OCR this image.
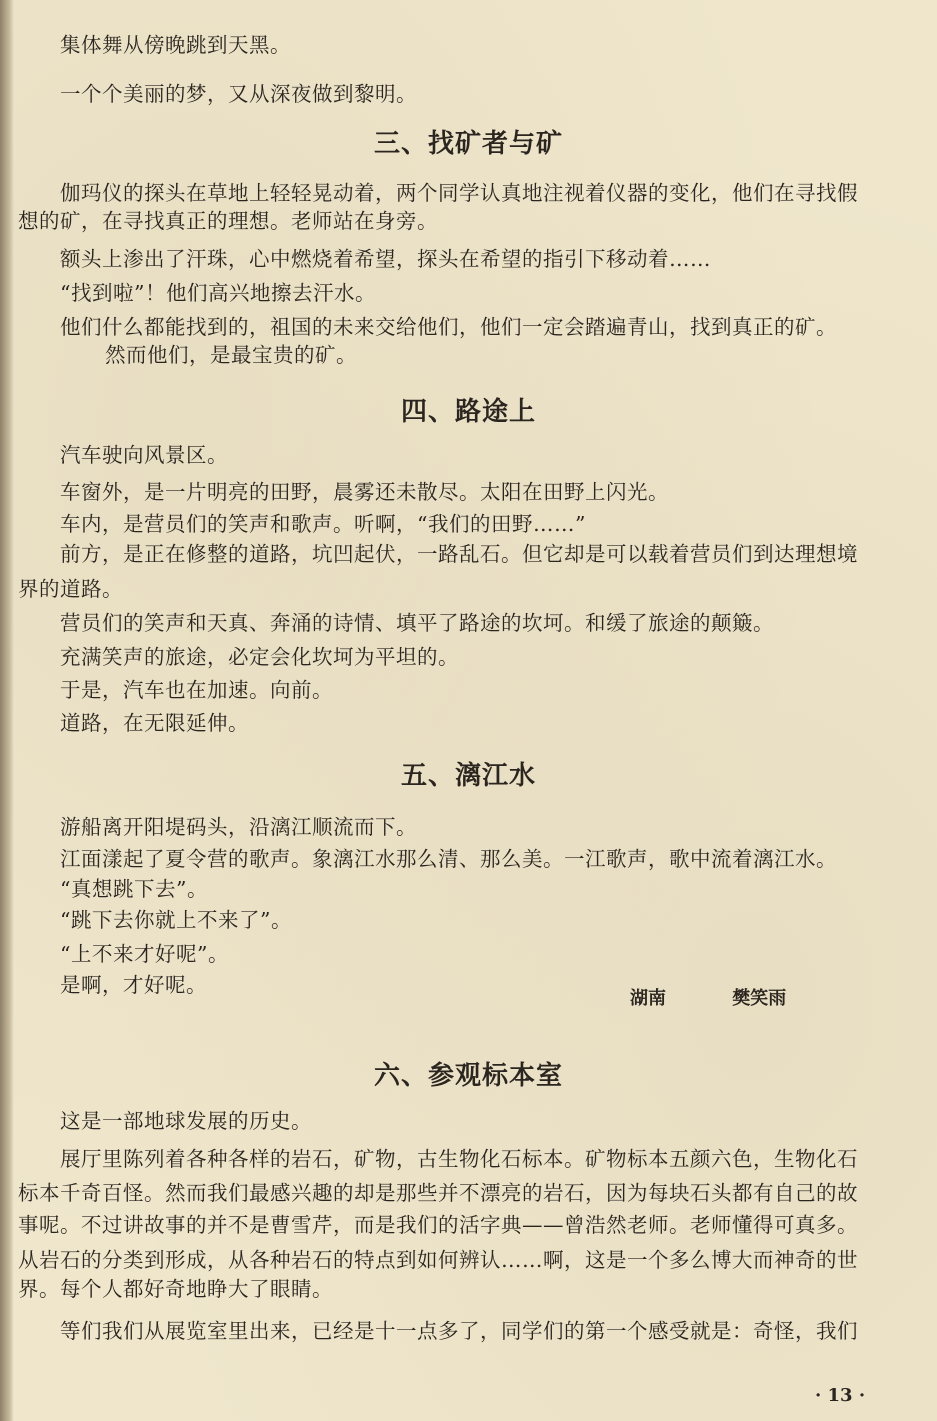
集体舞从傍晚跳到天黑。
一个个美丽的梦，又从深夜做到黎明。
三、找矿者与矿
伽玛仪的探头在草地上轻轻晃动着，两个同学认真地注视着仪器的变化，他们在寻找假
想的矿，在寻找真正的理想。老师站在身旁。
额头上渗出了汗珠，心中燃烧着希望，探头在希望的指引下移动着……
“找到啦”！他们高兴地擦去汗水。
他们什么都能找到的，祖国的未来交给他们，他们一定会踏遍青山，找到真正的矿。
然而他们，是最宝贵的矿。
四、路途上
汽车驶向风景区。
车窗外，是一片明亮的田野，晨雾还未散尽。太阳在田野上闪光。
车内，是营员们的笑声和歌声。听啊，“我们的田野……”
前方，是正在修整的道路，坑凹起伏，一路乱石。但它却是可以载着营员们到达理想境
界的道路。
营员们的笑声和天真、奔涌的诗情、填平了路途的坎坷。和缓了旅途的颠簸。
充满笑声的旅途，必定会化坎坷为平坦的。
于是，汽车也在加速。向前。
道路，在无限延伸。
五、漓江水
游船离开阳堤码头，沿漓江顺流而下。
江面漾起了夏令营的歌声。象漓江水那么清、那么美。一江歌声，歌中流着漓江水。
“真想跳下去”。
“跳下去你就上不来了”。
“上不来才好呢”。
是啊，才好呢。
湖南	樊笑雨
六、参观标本室
这是一部地球发展的历史。
展厅里陈列着各种各样的岩石，矿物，古生物化石标本。矿物标本五颜六色，生物化石
标本千奇百怪。然而我们最感兴趣的却是那些并不漂亮的岩石，因为每块石头都有自己的故
事呢。不过讲故事的并不是曹雪芹，而是我们的活字典——曾浩然老师。老师懂得可真多。
从岩石的分类到形成，从各种岩石的特点到如何辨认……啊，这是一个多么博大而神奇的世
界。每个人都好奇地睁大了眼睛。
等们我们从展览室里出来，已经是十一点多了，同学们的第一个感受就是：奇怪，我们
· 13 ·
